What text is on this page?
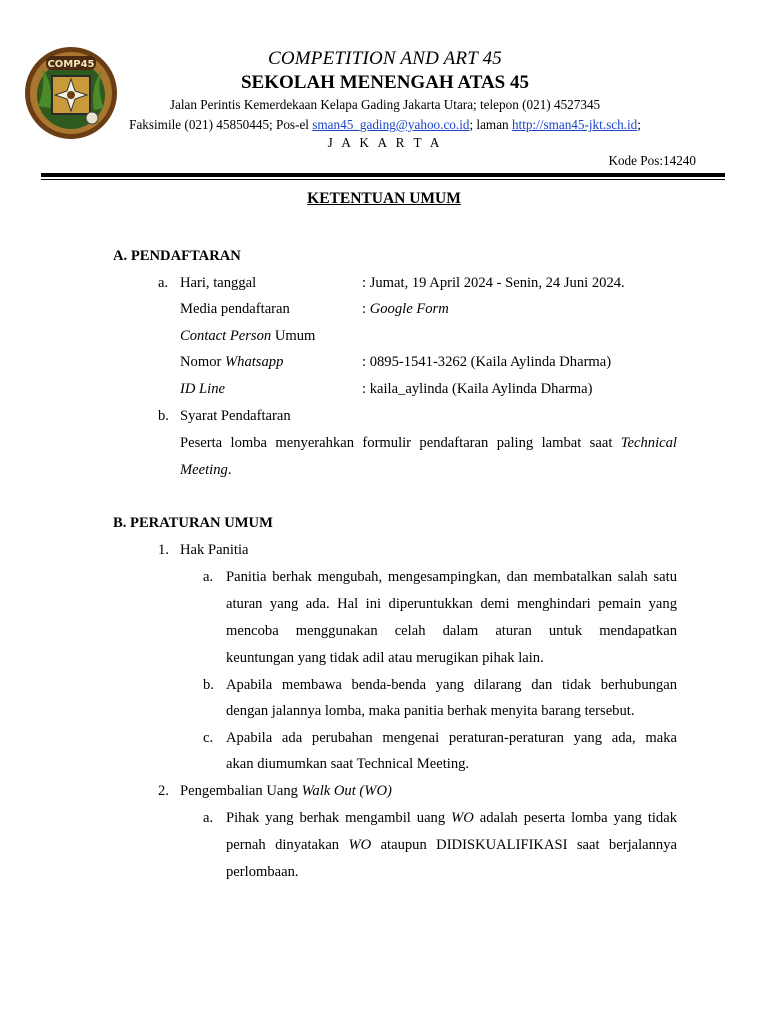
COMP45	COMPETITION AND ART 45
SEKOLAH MENENGAH ATAS 45
Jalan Perintis Kemerdekaan Kelapa Gading Jakarta Utara; telepon (021) 4527345
Faksimile (021) 45850445; Pos-el sman45_gading@yahoo.co.id; laman http://sman45-jkt.sch.id;
J A K A R T A
Kode Pos:14240
KETENTUAN UMUM
A. PENDAFTARAN
a. Hari, tanggal	: Jumat, 19 April 2024 - Senin, 24 Juni 2024.
Media pendaftaran	: Google Form
Contact Person Umum
Nomor Whatsapp	: 0895-1541-3262 (Kaila Aylinda Dharma)
ID Line	: kaila_aylinda (Kaila Aylinda Dharma)
b. Syarat Pendaftaran
Peserta lomba menyerahkan formulir pendaftaran paling lambat saat Technical
Meeting.
B. PERATURAN UMUM
1. Hak Panitia
a. Panitia berhak mengubah, mengesampingkan, dan membatalkan salah satu
aturan yang ada. Hal ini diperuntukkan demi menghindari pemain yang
mencoba menggunakan celah dalam aturan untuk mendapatkan
keuntungan yang tidak adil atau merugikan pihak lain.
b. Apabila membawa benda-benda yang dilarang dan tidak berhubungan
dengan jalannya lomba, maka panitia berhak menyita barang tersebut.
c. Apabila ada perubahan mengenai peraturan-peraturan yang ada, maka
akan diumumkan saat Technical Meeting.
2. Pengembalian Uang Walk Out (WO)
a. Pihak yang berhak mengambil uang WO adalah peserta lomba yang tidak
pernah dinyatakan WO ataupun DIDISKUALIFIKASI saat berjalannya
perlombaan.
